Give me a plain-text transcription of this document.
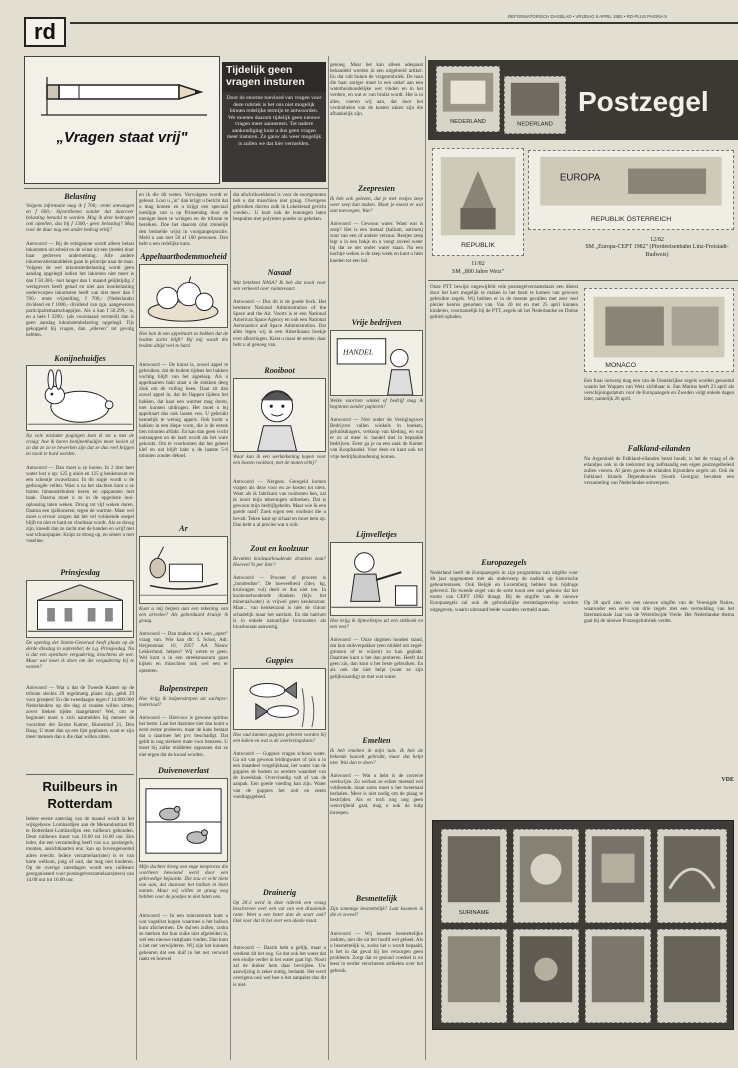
rd
REFORMATORISCH DAGBLAD • VRIJDAG 9 APRIL 1982 • RD-PLUS PAGINA 9
„Vragen staat vrij"
Tijdelijk geen vragen insturen
Door de enorme toevloed van vragen voor deze rubriek is het ons niet mogelijk binnen redelijke termijn te antwoorden. We moeten daarom tijdelijk geen nieuwe vragen meer aannemen. Tot nadere aankondiging kunt u dus geen vragen meer insturen. Zo gauw als weer mogelijk is zullen we dat hier vermelden.
Belasting
Volgens informatie mag ik f 700,- rente ontvangen en f 600,- bijverdienen zonder dat daarover belasting betaald te worden. Mag ik deze bedragen ook optellen, dus bij f 1300,- geen belasting? Mag voor de duur nog een ander bedrag erbij?
Antwoord — Bij de echtgenote wordt alleen belast inkomsten uit arbeid en de winst uit een (mede) door haar gedreven onderneming. Alle andere inkomensbestanddelen gaan in principe naar de man. Volgens de wet inkomstenbelasting wordt geen aanslag opgelegd indien het inkomen niet meer is dan f 50.300,- niet langer dan 1 maand gelijktijdig 2 werkgevers heeft gehad en niet aan loonbelasting onderworpen inkomsten heeft van niet meer dan f 700,- rente vrijstelling, f 700,- (Nederlands) dividend en f 1000,- dividend van zgn. aangewezen participatiemaatschappijen. Als u kan f 50.299,- is, en a hele f 2200,- (als voorstaand vermeld) dan is geen aanslag inkomstenbelasting opgelegd. Tijs gekoppeld bij vragen, dan „elleven" tot gevolg hebben.
Konijnehuidjes
Na vele mislukte pogingen kom ik tot u met de vraag: hoe ik haren konijnenhuidjes moet looien of zo dat ze zo te bewerken zijn dat ze dus veel krijgen en nooit te hard worden.
Antwoord — Dan moet u ze looien. In 2 liter heet water lost u op: 125 g aluin en 125 g keukenzout en een scheutje zwavelzuur. In dit sopje wordt u de gedroogde vellen. Wast u na het slachten kunt u ze buiten binnenstebuiten keren en opspannen met haak. Daarna moet u ze in de opgeloste looi-oplossing laten weken. Droog tot vijf weken duren. Daarna een sjabloneren, tegen de warmte. Maar wel moet u ervoor zorgen dat het vel voldoende soepel blijft en niet te hard en vloeibaar wordt. Als ze droog zijn, kneedt dan ze zacht met de handen en wrijf met wat schuurpapier. Knipt ze droog op, en smeer u met vaseline.
Prinsjesdag
De opening der Staten-Generaal heeft plaats op de derde dinsdag in september, de z.g. Prinsjesdag. Nu is dat een openbare vergadering, krachtens de wet. Maar wat moet ik doen om die vergadering bij te wonen?
Antwoord — Wat u dat de Tweede Kamer op de tribune slechts 29 regelmatig plaats zijn, geldt 29 voor groepen! En die tweedaagse tegen f 14.000.000 Nederlanders op die dag al zouden willen zitten, zover bleken tijden daargelaten! Wel, om te beginnen moet u zich aanmelden bij meneer de voorzitter der Eerste Kamer, Binnenhof 21, Den Haag. U moet dan op een lijst geplaatst, want er zijn meer mensen dan u die daar willen zitten.
Ruilbeurs in Rotterdam
Iedere eerste zaterdag van de maand wordt in het wijkgebouw Lombardijen aan de Menandostraat 89 te Rotterdam-Lombardijen een ruilbeurs gehouden. Deze ruilbeurs duurt van 10.00 tot 16.00 uur. Een ieder, die een verzameling heeft van o.a. postzegels, munten, ansichtkaarten enz. kan op bovengenoemd adres terecht. Iedere verzamelaar(ster) is er van harte welkom, jong of oud, dat mag niet hinderen. Op de overige zaterdagen wordt een ruilbeurs georganiseerd voor postzegelverzamelaars(sters) van 14.00 uur tot 16.00 uur.
en ik die dit weten. Vervolgens wordt er geleost. Looi u „in" dan krijgt u bericht dat u mag komen en u krijgt een speciaal toeslipje van u op Prinsendag door de menigte heen te wringen en de tribune te bereiken. Doe het daarom (dat zinnelijk den bedoelde wijs) in voorgangerpositie. Meld u aan met 50 af 100 personen. Dan hebt u een redelijke kans.
Appeltaartbodemmoeheid
Hoe kan ik een appeltaart zo bakken dat de bodem zacht blijft? Bij mij wordt die bodem altijd veel te hard.
Antwoord — De kunst is, zowel appel te gebruiken, dat de bodem tijdens het bakken vochtig blijft van het appelsap. Als u appeltaarten bakt staat u de stukken deeg diuk om de vulling heen. Daar zit dan zowel appel in, dat de flappen tijdens het bakken, dat haar een warmer mag doren, met kunnen uitdrogen. Het moet u bij appeltaart dus ook lassen ven. U gebruikt kennelijk te weinig appels. Ook komt u bakken in een diepe vorm, die is de eerste tien minuten afdakt. En kan dan geen vocht ontsnappen en de taart wordt als het ware gekookt. Om te voorkomen dat het geheel klef en nat blijft bakt u de laatste 5-6 minuten zonder deksel.
Ar
Kunt u mij helpen aan een tekening van een arreslee? Als geborduurd kruisje ik graag.
Antwoord — Dan maken wij u een „opert" vraag van. Wie kan dit: L Schot, Adr. Heijenstraat 10, 2957 AA Nieuw Lekkerland, helpen? Wij weten er geen. Wel kunt u in een streekmuseum gaan kijken en misschien ook wel een er optenten.
Balpenstrepen
Hoe krijg ik balpenstrepen uit zachtpvc-materiaal?
Antwoord — Hiervoor is gewone spiritus het beste. Laat het daarmee niet dan komt u eerst eerste proberen. maar de kans bestaat dat u daarmee het pvc beschadigt. Dat geldt in nog sterkere mate voor benzeen. U moet bij zulke middelen oppassen dat ze niet ergen dat de kwaal worden.
Duivenoverlast
Mijn dochter kreeg een enge neeproces die voorheen bewoond werd door een gebroedige bejaarde. Die zou er echt niets van aan, dat daaraan het balkon in bezit namen. Maar wij willen ze graag weg hebben voor de pootjes te niet laten ons.
Antwoord — In een tuincentrum kunt u wat vogelriet kopen waarmee u het balkon kunt afschermen. De duiven zullen, zodra ze merken dat hun zuike niet afgeleiden is, wel een nieuwe rustplaats vinden. Dan kunt u het net verwijderen. Wij zijn het kunnen gebeuren dat een duif in het net verward raakt en hoewel
dat afschrikwekkend is voor de soortgenoten heb u dat misschien niet graag. Overigens gebruiken duiven zulk in Lokeklerad gericht voeden... U kunt ook de leuningen laten bespuiten met polyester poeder zo gekeken.
Nasaal
Wat betekent NASA? Ik heb dat nooit voor een verkeerd over ruimtevaart.
Antwoord — Dus dit is de goede bock. Het betekent National Administration of the Space and the Air. Voorts is er een National American Space Agency en ook een National Aeronautics and Space Administration. Dat alles legen wij in een Amerikaans boekje over afkortingen. Kiest u maar de eerste, daar hebt u al genoeg van.
Rooiboot
Waar kan ik een werktekening kopen voor een bosten rooiboot, met de maten erbij?
Antwoord — Nergens. Geregeld komen vragen als deze voor en ze kosten tot niets. Want als ik fabrikant van rooiboten ben, zal ik nooit mijn tekeningen uitbreken. Dat is gewoon mijn bedrijfgeheim. Maar wie ik een goede raad? Zoek eigen een rooiboot die u bevalt. Teken kant op schaal en moet hem op. Dan hebt u al precies wat u wilt.
Zout en koolzuur
Bevatten koolzuurhoudende dranken zout? Hoeveel % per liter?
Antwoord — Procent of procent is „honderdste". De hoeveelheid (liter, kg, kruiwagen vol) deelt er dus niet toe. In koolzuurhoudende dranken (bijv. het mineraalwater) is vrijwel geen keukenzout. Maar... van keukenzout is niet de chloor schadelijk maar het natrium. En dat natrium is in enkele natuurlijke bronwaters als bicarbonaat aanwezig.
Guppies
Hoe oud kunnen guppies geboren worden bij een koken en wat is de overlevingskans?
Antwoord — Guppies vragen schoon water. Ga uit van gewoon leidingwater of (als u in een maatdeel vergelijkbaar, het water van de guppies de bodem zo eerdere waardeel van de kweekbak. Overvloedig valt af van de aanpak. Een goede voeding kan zijn. Water van de guppies het ooit en neem voedingsgebied.
Drainerig
Op 26-2 werd in deze rubriek een vraag beschreven over een vat van een draaiende rotor. Weet u een beter dan de soort ook? Ook voor dat ik het over een ideale maat.
Antwoord — Daarin hebt u gelijk, maar u verdient dit het oog. Ga dat ook het water dat een eindje verder in het water gaat ligt. Nooit zal de duiker hem daar bevrijden. Uw aanwijzing is zeker nuttig, bedankt. Het werd overigens ook wel hoe u het aanpakte dus dit is niet.
genoeg. Maar het kan alleen adequaat behandeld worden in een uitgebreid artikel. En dat valt buiten de vragenrubriek. De man die haar zoriger moet in een onkel aan een waterhuishoudelijke wet vinden en in het verdere, en wat er van bruikt wordt. Het is in alles, voeren wij aan, dat door het verdubbelen van de kosten zaken zijn die afhankelijk zijn.
Zeepresten
Ik heb ook gelezen, dat je met restjes zeep weer zeep kan maken. Maar je moest er wat aan toevoegen. Wat?
Antwoord — Gewoon water. Want wat is zeep? Het is een metaal (kalium, natrium) zout van een of andere vetzuur. Restjes zeep legt u in een bakje en u voegt zoveel water bij dat ze net onder water staan. Na een nachtje weken is de zeep week en kunt u hem kneden tot een bol.
Vrije bedrijven
HANDEL
Welke voorrom winkel of bedrijf mag ik beginnen zonder papieren?
Antwoord — Niet onder de Vestigingswet Bedrijven vallen winkels in boeken, geluidsdragers, verkoop van kleding, en wat er zo al meer is: handel met in bepaalde bedrijven. Eerst ga je na een zaak de Kamer van Koophandel. Voor deze en kunt ook tot vrije bedrijfsuitoefening komen.
Lijnvelletjes
Hoe krijg ik lijmvelletjes uit een stikboek en een vest?
Antwoord — Onze dogmen houden stand, dat hun stukverpakker (een middel om zegel-grenzen of te wijzen) zo kan geplakt. Daarmee kunt u het dan proberen. Heeft dat geen zin, dan kunt u het beste gebruiken. En als ook dat niet helpt (want ze zijn gelijkwaardig) ze met wat water.
Emelten
Ik heb emelten in mijn tuin. Ik heb de bekende kauvelt gebruikt, maar dat helpt niet. Wat dan te doen?
Antwoord — Wat u hebt is de correcte werkwijze. Zo werken ze echter meestal wel voldoende, maar soms moet u het tweemaal herhalen. Meer is niet nodig om de plaag te bestrijden. Als er toch nog nog geen wenvrijheid gaat, mag u ook de hulp inroepen.
Besmettelijk
Zijn sommige besmettelijk? Laat kwamen ik die er zoveel?
Antwoord — Wij kennen besmettelijke ziekten, niet die uit het hoofd wel geheel. Als u besmettelijk is, zodra het u wordt bepaald, is het in dat geval bij het verzorgen geen probleem. Zorgt dat er gezond voedsel is en leest in eerder verschenen artikelen over het gebruik.
NEDERLAND	NEDERLAND
Postzegel
REPUBLIK
11/82
SM „800 Jahre Weiz"
EUROPA
REPUBLIK ÖSTERREICH
12/82
SM „Europa-CEPT 1982" (Pferdeeisenbahn Linz-Freistadt-Budweis)
Onze PTT bewijst ongewijfeld vele postzegelverzamelaars een dienst door het kort mogelijk te maken in het bezit te komen van gewoon gebruikte zegels. Wij hebben er in de meeste gevallen met zeer veel plezier kennis genomen van. Van 20 tot en met 25 april kunnen kinderen, voornamelijk bij de PTT, zegels uit het Nederlandse en Duitse gebied ophalen.
Europazegels
Nederland heeft de Europazegels in zijn programma van uitgifte voor dit jaar opgenomen met als onderwerp de nadruk op historische gebeurtenissen. Ook België en Luxemburg hebben hun bijdrage geleverd. De tweede zegel van de serie toont een oud gebouw dat het motto van CEPT 1982 draagt. Bij de uitgifte van de nieuwe Europazegels zal ook de gebruikelijke eerstedagenvelop worden uitgegeven, waarin uiteraard beide waarden vermeld staan.
MONACO
Een fraai ontwerp mag een van de Oostenrijkse zegels worden genoemd waarin het Wappen van Weiz zichtbaar is. San Marino heeft 23 april als verschijningsdatum voor de Europazegels en Zweden volgt enkele dagen later, namelijk 26 april.
Falkland-eilanden
Nu Argentinië de Falkland-eilanden bezet houdt, is het de vraag of de eilandjes ook in de toekomst nog zelfstandig een eigen postzegelbeleid zullen voeren. Al jaren gaven de eilanden bijzondere zegels uit. Ook de Falkland Islands Dependencies (South Georgia) bevatten een verzameling van Nederlandse ontwerpers.
Op 28 april zien we een nieuwe uitgifte van de Verenigde Naties, waaronder een serie van drie zegels met een vermelding van het Internationale Jaar van de Wereldwijde Vrede. Het Nederlandse thema gaat bij de nieuwe Postzegelrubriek verder.
VDE
SURINAME
